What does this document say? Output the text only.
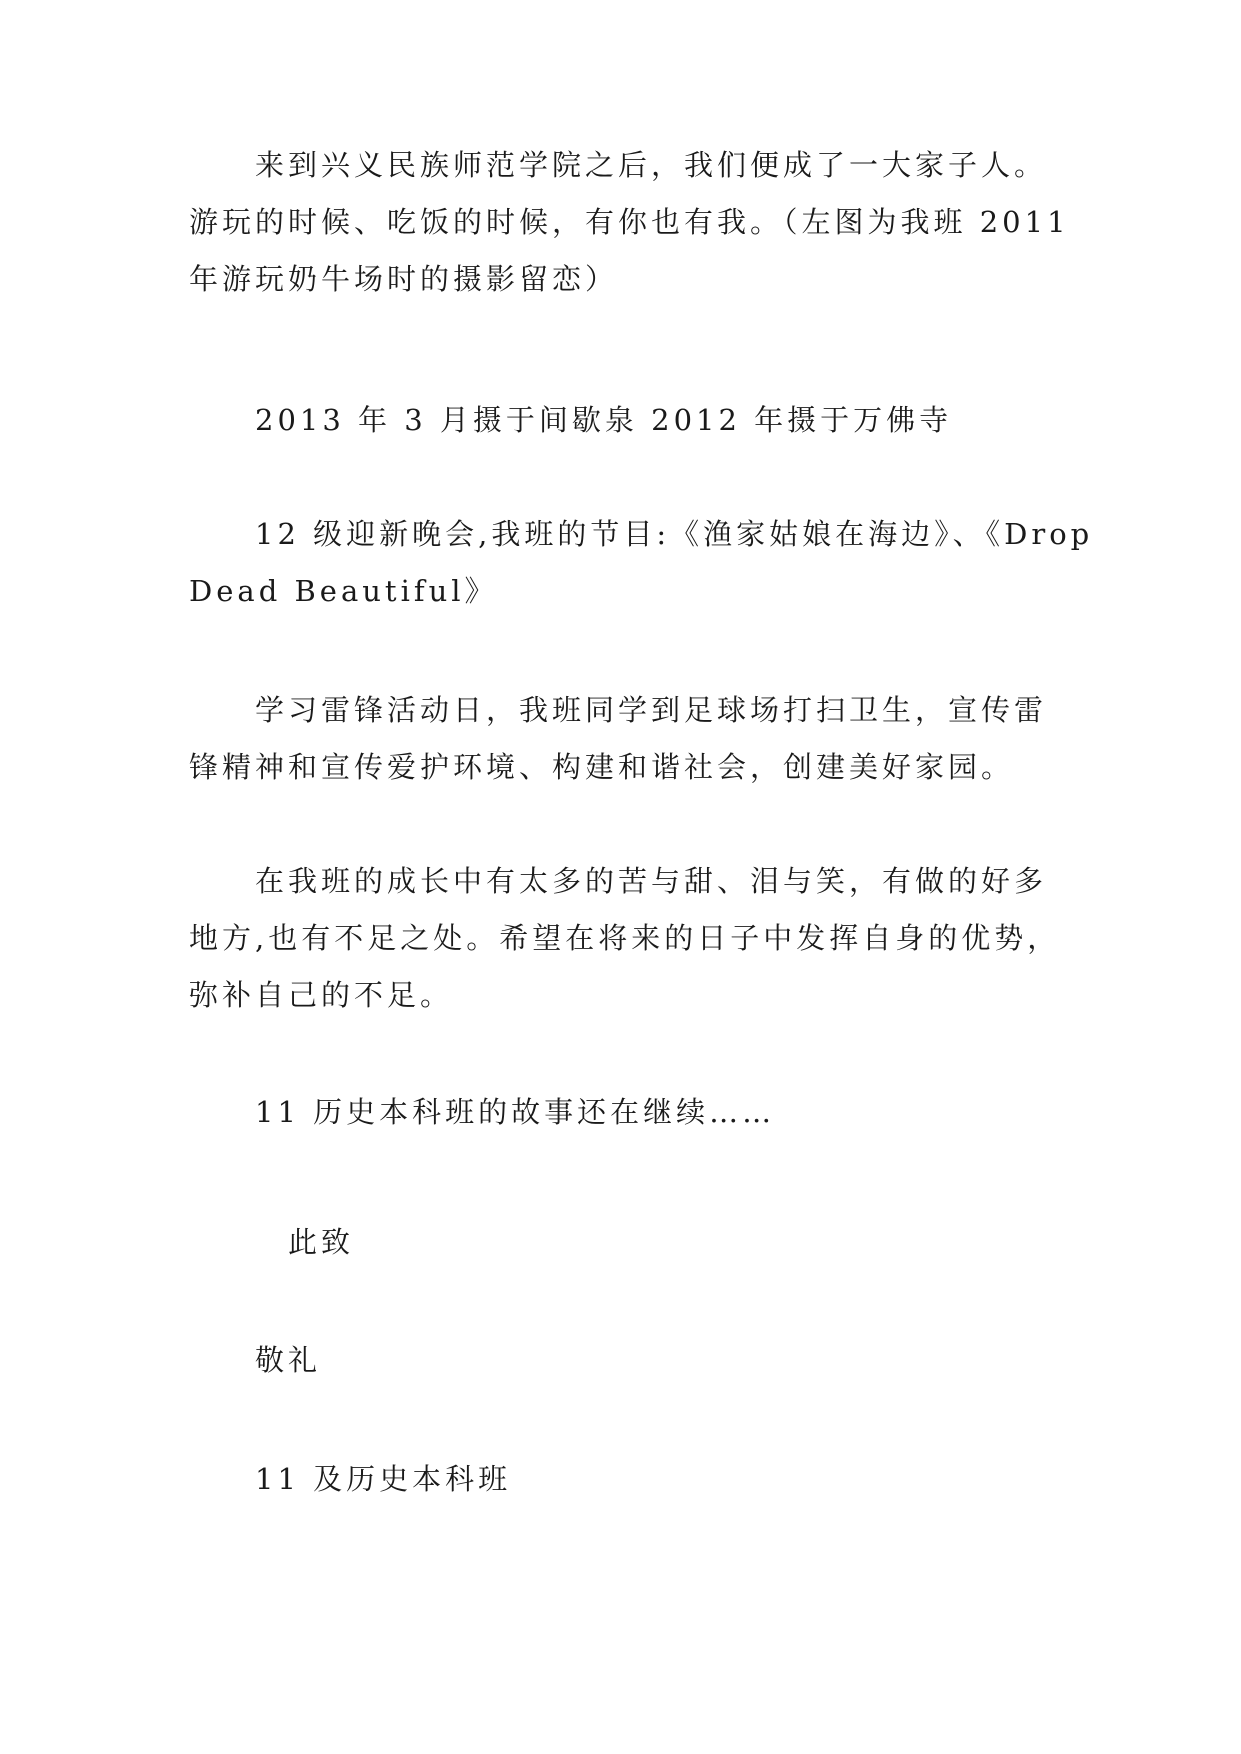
　　来到兴义民族师范学院之后，我们便成了一大家子人。
游玩的时候、吃饭的时候，有你也有我。（左图为我班 2011
年游玩奶牛场时的摄影留恋）
　　2013 年 3 月摄于间歇泉 2012 年摄于万佛寺
　　12 级迎新晚会,我班的节目:《渔家姑娘在海边》、《Drop
Dead Beautiful》
　　学习雷锋活动日，我班同学到足球场打扫卫生，宣传雷
锋精神和宣传爱护环境、构建和谐社会，创建美好家园。
　　在我班的成长中有太多的苦与甜、泪与笑，有做的好多
地方,也有不足之处。希望在将来的日子中发挥自身的优势，
弥补自己的不足。
　　11 历史本科班的故事还在继续……
　　　此致
　　敬礼
　　11 及历史本科班
